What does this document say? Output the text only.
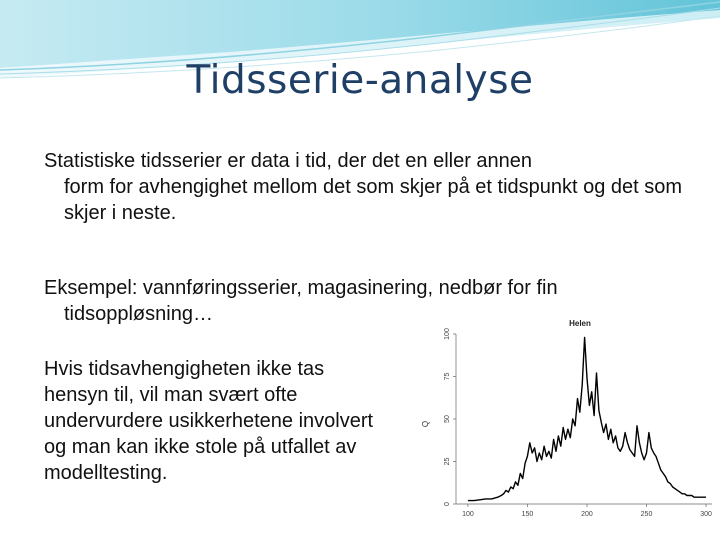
Tidsserie-analyse

Statistiske tidsserier er data i tid, der det en eller annen
form for avhengighet mellom det som skjer på et tidspunkt og det som skjer i neste.

Eksempel: vannføringsserier, magasinering, nedbør for fin
tidsoppløsning…

Hvis tidsavhengigheten ikke tas hensyn til, vil man svært ofte undervurdere usikkerhetene involvert og man kan ikke stole på utfallet av modelltesting.

Helen
Q
100	150	200	250	300
0
25
50
75
100
